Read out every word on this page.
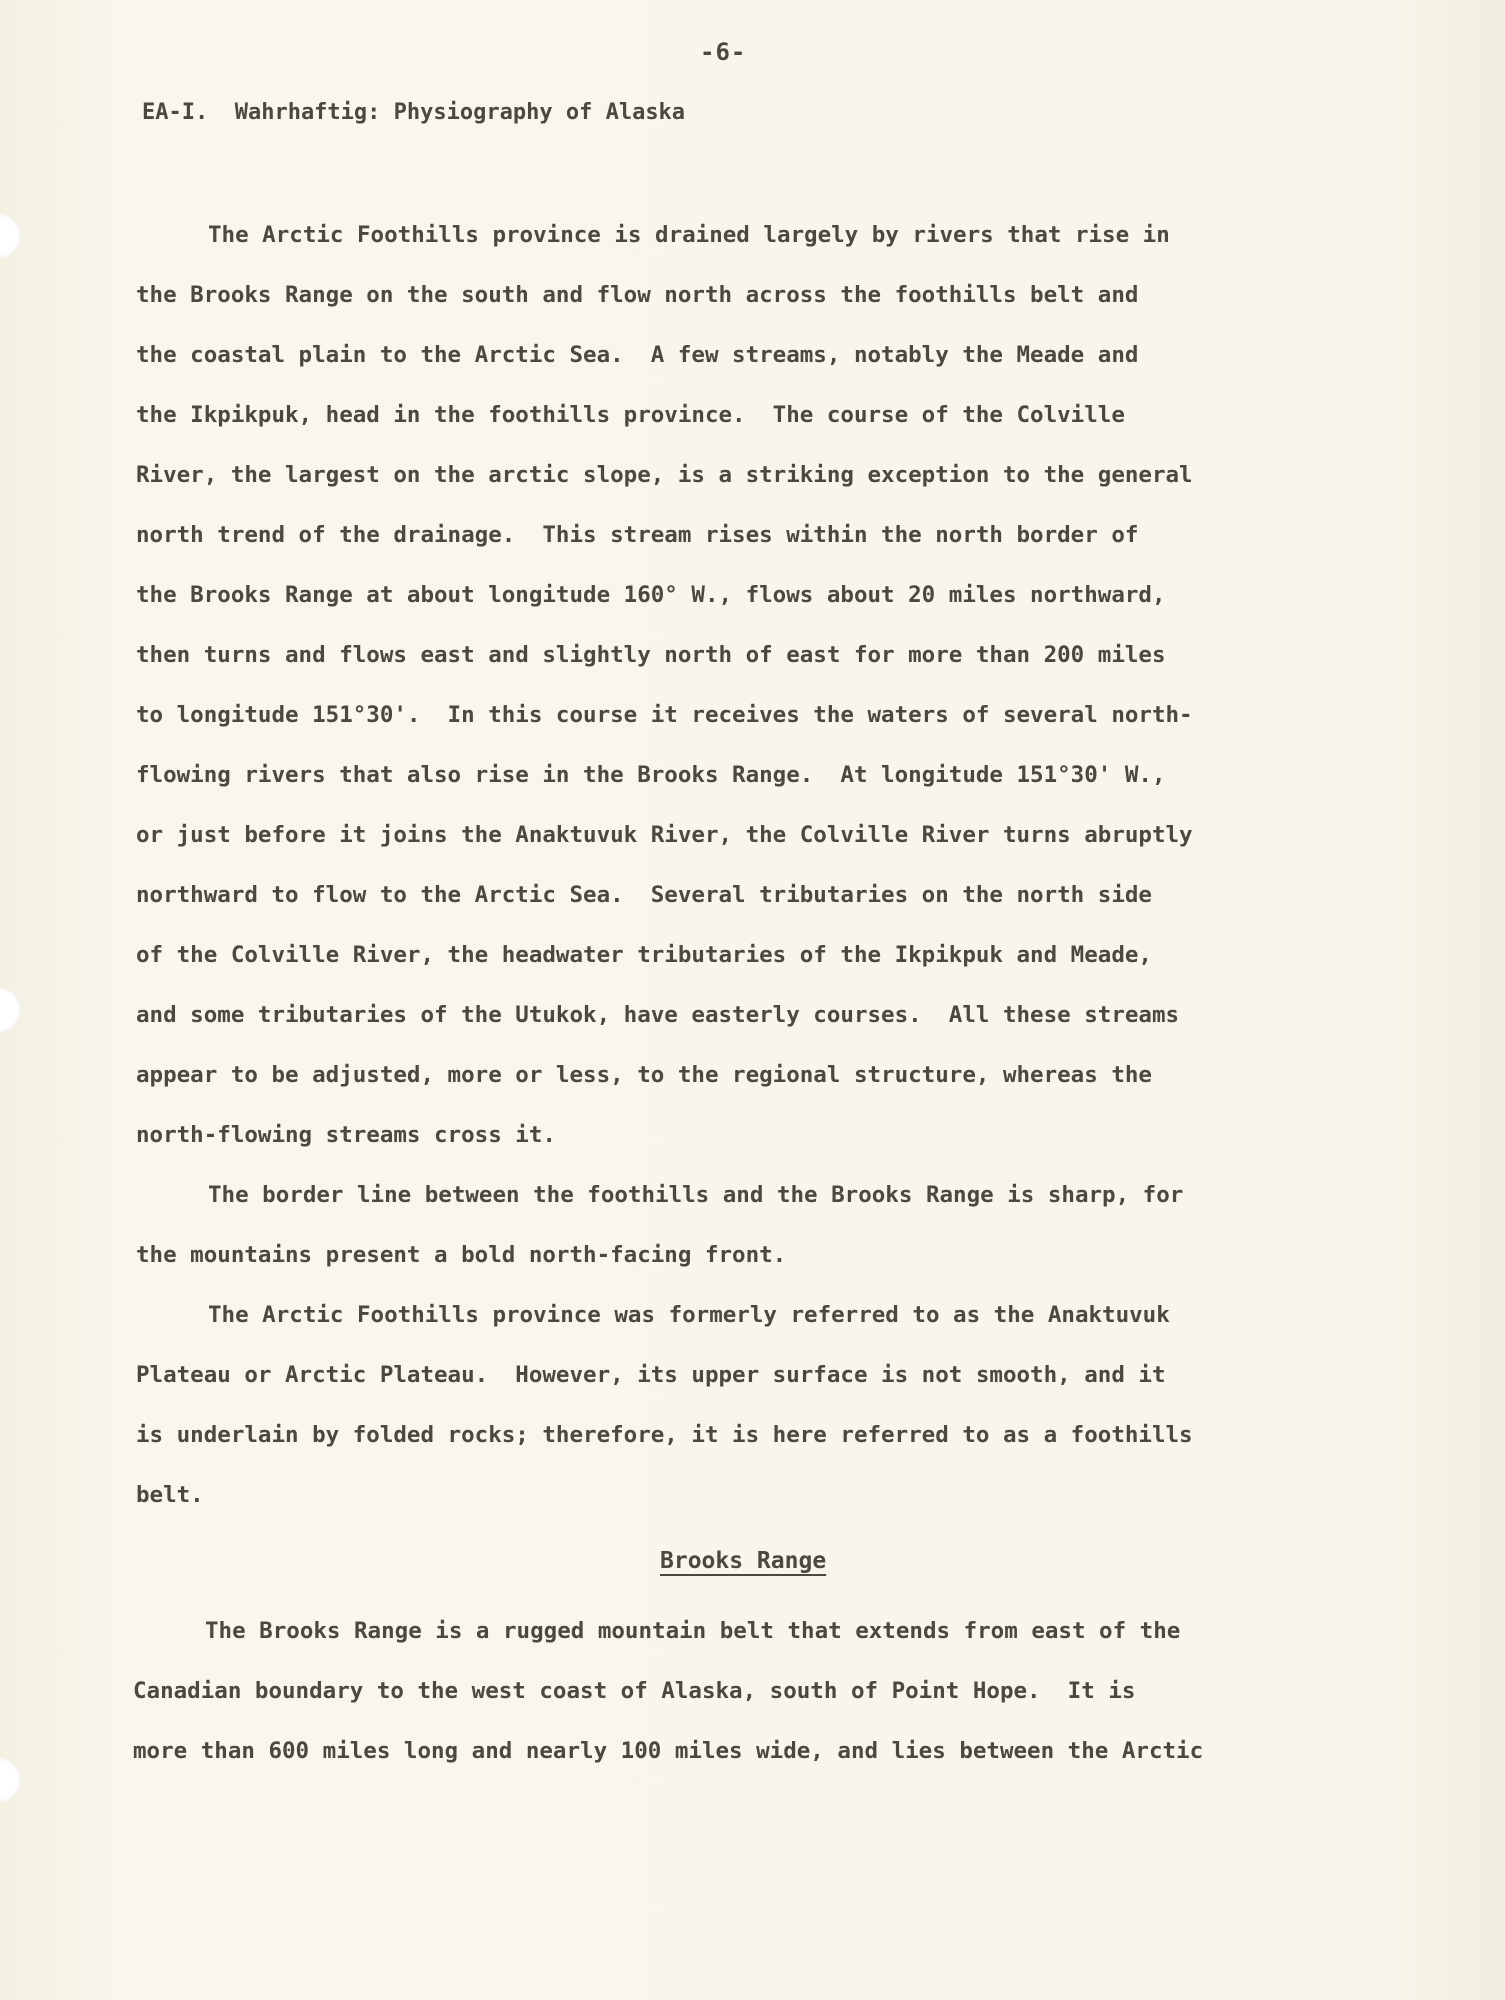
-6-
EA-I.  Wahrhaftig: Physiography of Alaska
The Arctic Foothills province is drained largely by rivers that rise in
the Brooks Range on the south and flow north across the foothills belt and
the coastal plain to the Arctic Sea.  A few streams, notably the Meade and
the Ikpikpuk, head in the foothills province.  The course of the Colville
River, the largest on the arctic slope, is a striking exception to the general
north trend of the drainage.  This stream rises within the north border of
the Brooks Range at about longitude 160° W., flows about 20 miles northward,
then turns and flows east and slightly north of east for more than 200 miles
to longitude 151°30'.  In this course it receives the waters of several north-
flowing rivers that also rise in the Brooks Range.  At longitude 151°30' W.,
or just before it joins the Anaktuvuk River, the Colville River turns abruptly
northward to flow to the Arctic Sea.  Several tributaries on the north side
of the Colville River, the headwater tributaries of the Ikpikpuk and Meade,
and some tributaries of the Utukok, have easterly courses.  All these streams
appear to be adjusted, more or less, to the regional structure, whereas the
north-flowing streams cross it.
The border line between the foothills and the Brooks Range is sharp, for
the mountains present a bold north-facing front.
The Arctic Foothills province was formerly referred to as the Anaktuvuk
Plateau or Arctic Plateau.  However, its upper surface is not smooth, and it
is underlain by folded rocks; therefore, it is here referred to as a foothills
belt.
Brooks Range
The Brooks Range is a rugged mountain belt that extends from east of the
Canadian boundary to the west coast of Alaska, south of Point Hope.  It is
more than 600 miles long and nearly 100 miles wide, and lies between the Arctic
